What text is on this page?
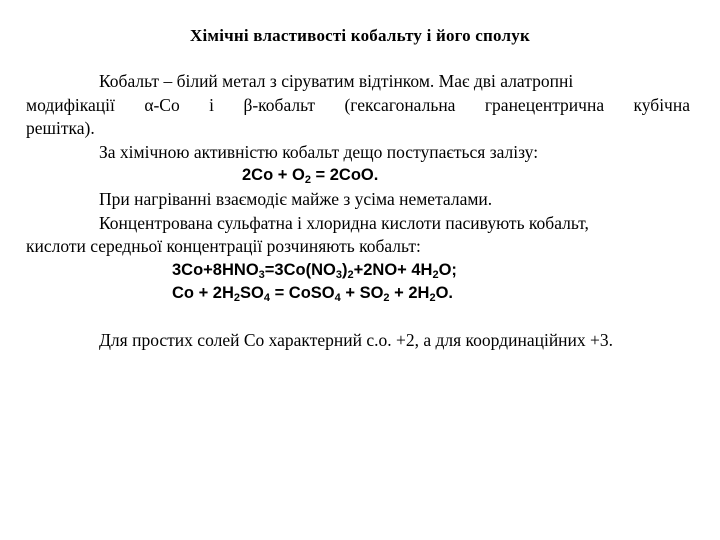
Хімічні властивості кобальту і його сполук

Кобальт – білий метал з сіруватим відтінком. Має дві алатропні

модифікації α-Co і β-кобальт (гексагональна гранецентрична кубічна

решітка).

За хімічною активністю кобальт дещо поступається залізу:

$2Co + O_2 = 2CoO$.

При нагріванні взаємодіє майже з усіма неметалами.

Концентрована сульфатна і хлоридна кислоти пасивують кобальт,

кислоти середньої концентрації розчиняють кобальт:

$3Co+8HNO_3=3Co(NO_3)_2+2NO+ 4H_2O$;

$Co + 2H_2SO_4$ = CoSO$_4$ + $SO_2 + 2H_2O$.

Для простих солей Co характерний с.о. +2, а для координаційних +3.
